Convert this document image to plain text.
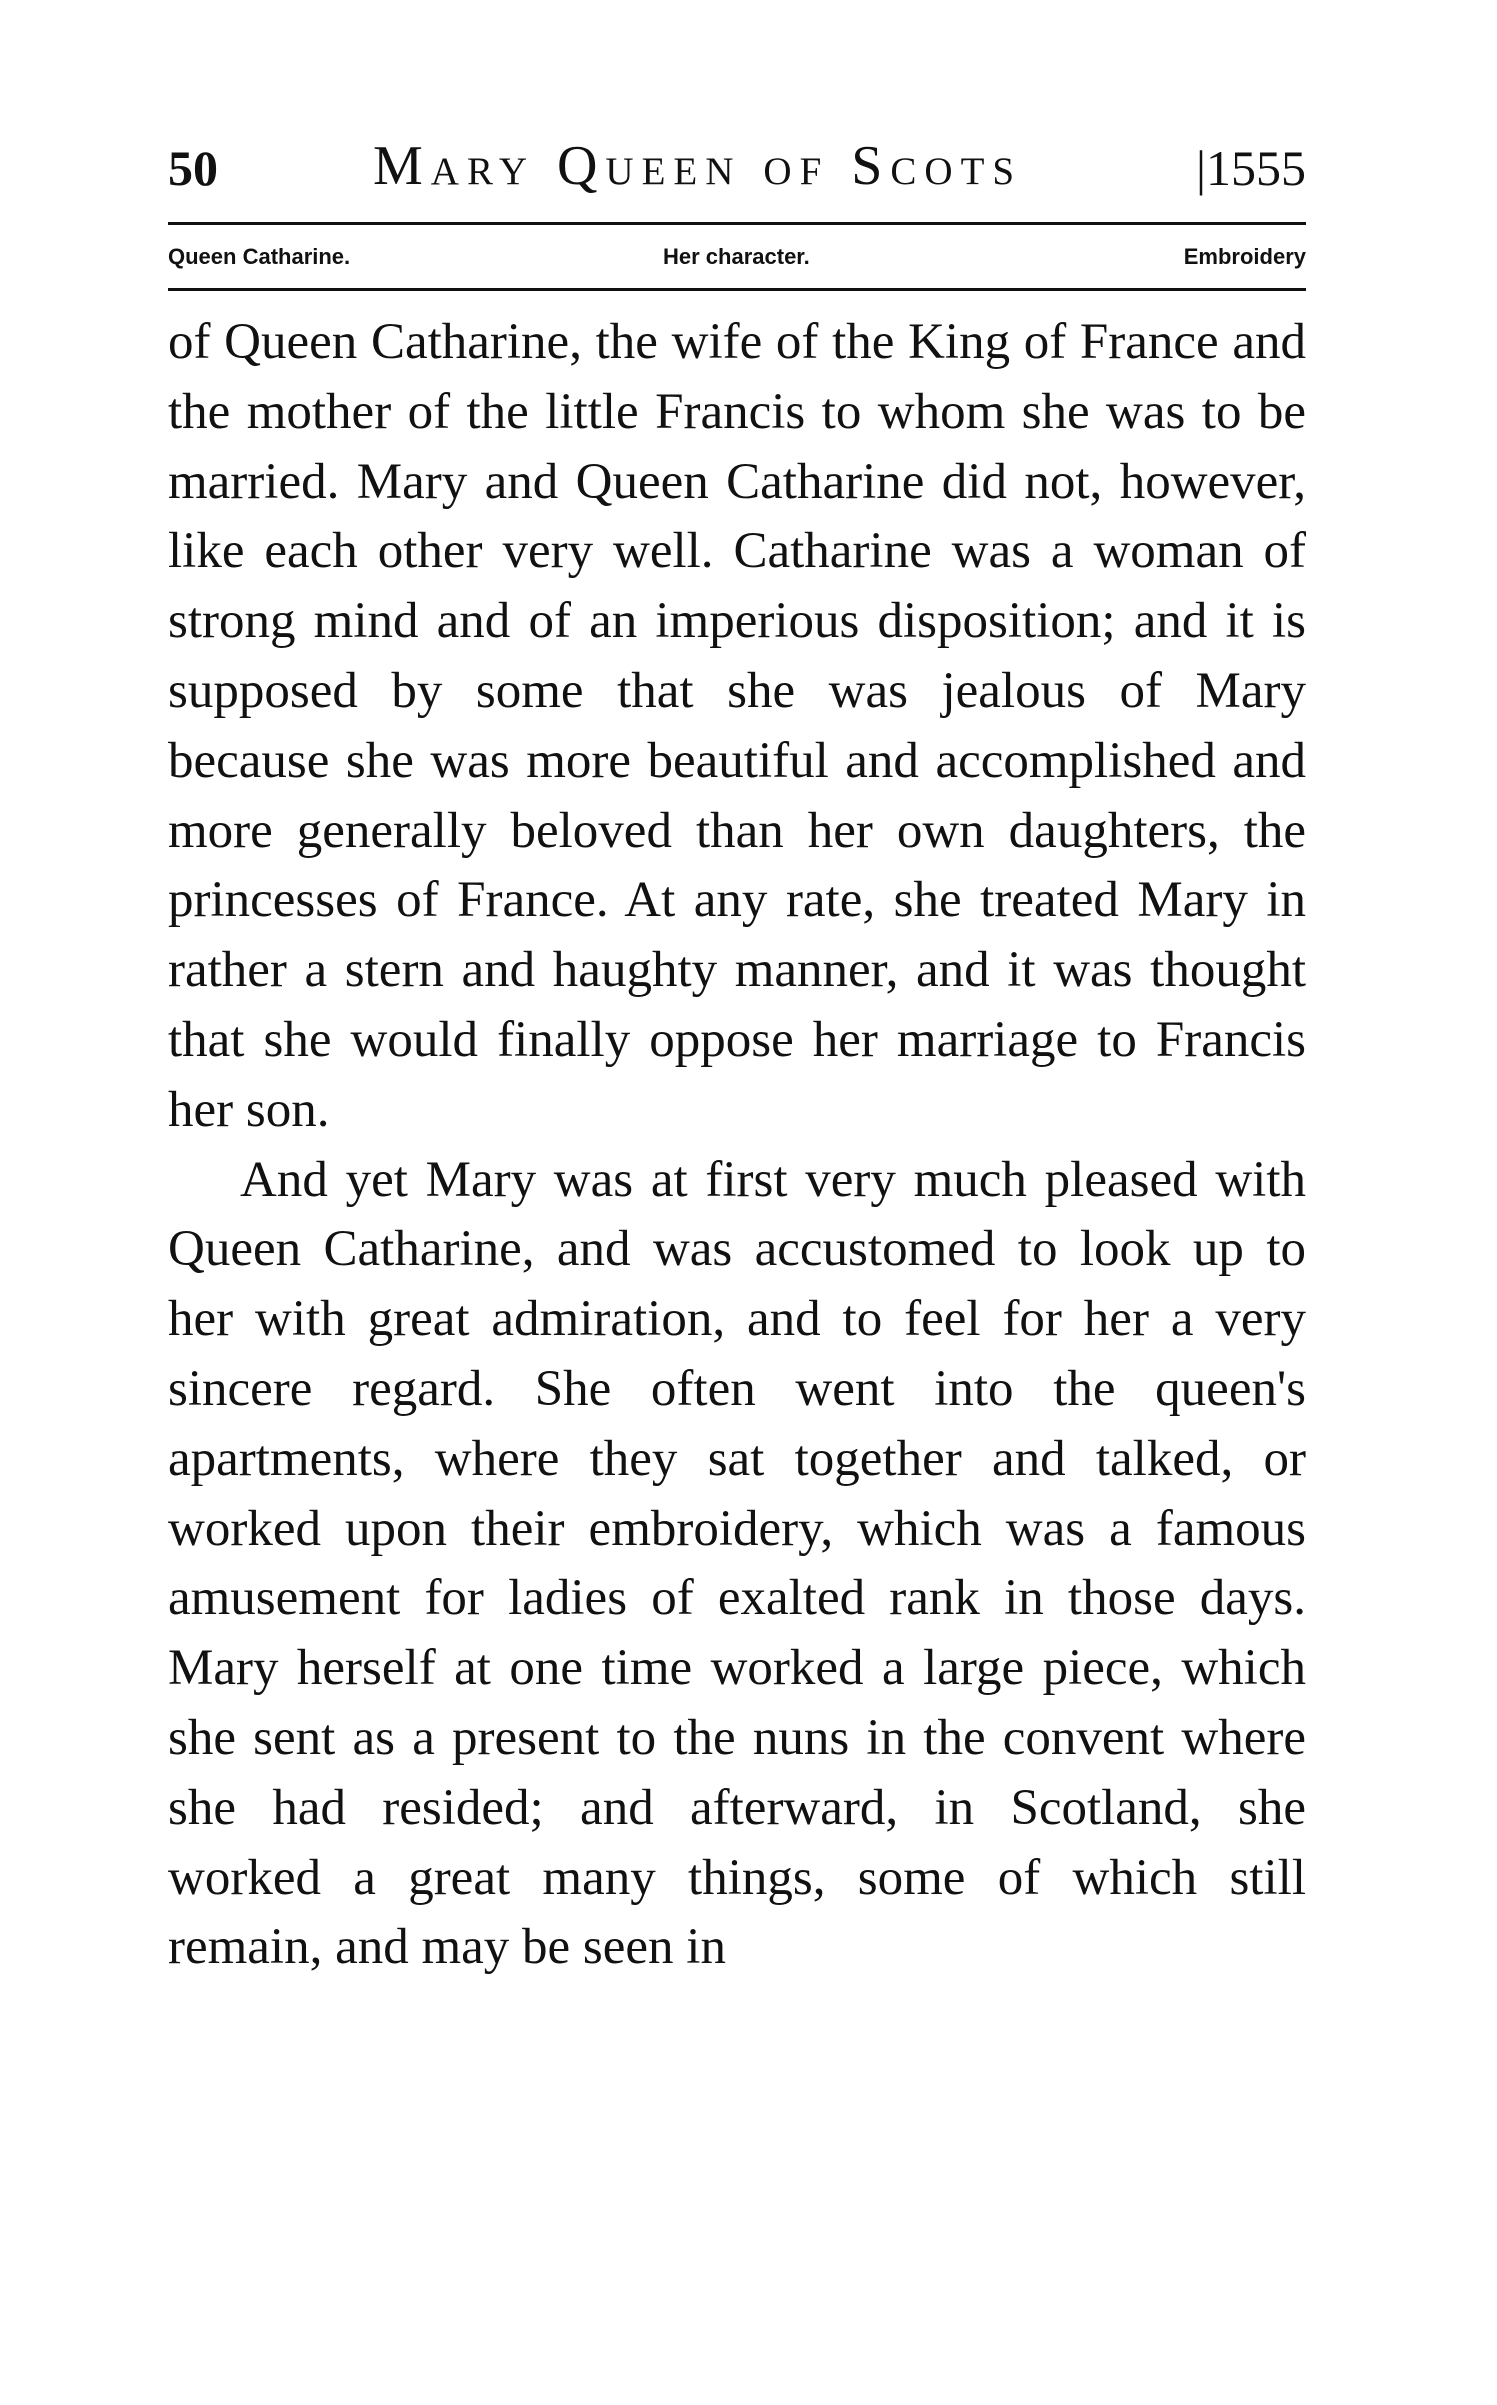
50	Mary Queen of Scots	|1555
Queen Catharine.	Her character.	Embroidery

of Queen Catharine, the wife of the King of France and the mother of the little Francis to whom she was to be married. Mary and Queen Catharine did not, however, like each other very well. Catharine was a woman of strong mind and of an imperious disposition; and it is supposed by some that she was jealous of Mary because she was more beautiful and accomplished and more generally beloved than her own daughters, the princesses of France. At any rate, she treated Mary in rather a stern and haughty manner, and it was thought that she would finally oppose her marriage to Francis her son.

And yet Mary was at first very much pleased with Queen Catharine, and was accustomed to look up to her with great admiration, and to feel for her a very sincere regard. She often went into the queen's apartments, where they sat together and talked, or worked upon their embroidery, which was a famous amusement for ladies of exalted rank in those days. Mary herself at one time worked a large piece, which she sent as a present to the nuns in the convent where she had resided; and afterward, in Scotland, she worked a great many things, some of which still remain, and may be seen in
